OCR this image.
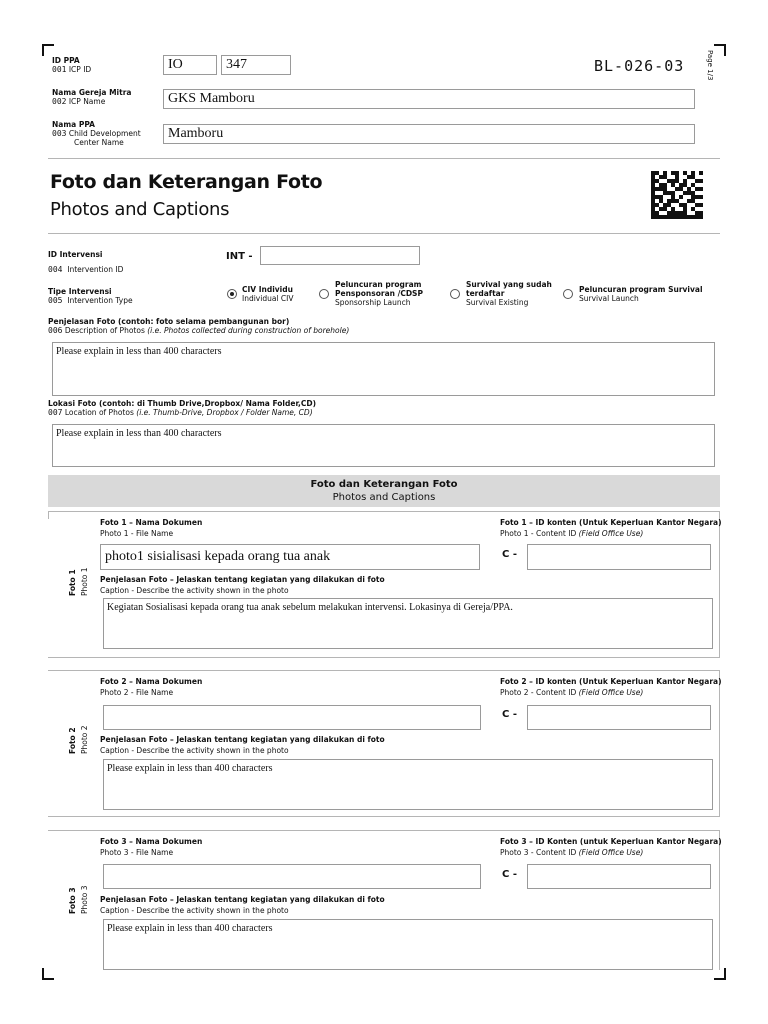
ID PPA
001 ICP ID	IO	347	BL-026-03	Page 1/3
Nama Gereja Mitra
002 ICP Name	GKS Mamboru
Nama PPA
003 Child Development
Center Name
Mamboru
Foto dan Keterangan Foto
Photos and Captions
ID Intervensi
004 Intervention ID
INT -
Tipe Intervensi
005 Intervention Type
CIV Individu
Individual CIV
Peluncuran program
Pensponsoran /CDSP
Sponsorship Launch
Survival yang sudah
terdaftar
Survival Existing
Peluncuran program Survival
Survival Launch
Penjelasan Foto (contoh: foto selama pembangunan bor)
006 Description of Photos (i.e. Photos collected during construction of borehole)
Please explain in less than 400 characters
Lokasi Foto (contoh: di Thumb Drive,Dropbox/ Nama Folder,CD)
007 Location of Photos (i.e. Thumb-Drive, Dropbox / Folder Name, CD)
Please explain in less than 400 characters
Foto dan Keterangan Foto
Photos and Captions
Foto 1 Photo 1
Foto 1 – Nama Dokumen
Photo 1 - File Name
photo1 sisialisasi kepada orang tua anak
Foto 1 – ID konten (Untuk Keperluan Kantor Negara)
Photo 1 - Content ID (Field Office Use)
C -
Penjelasan Foto – Jelaskan tentang kegiatan yang dilakukan di foto
Caption - Describe the activity shown in the photo
Kegiatan Sosialisasi kepada orang tua anak sebelum melakukan intervensi. Lokasinya di Gereja/PPA.
Foto 2 Photo 2
Foto 2 – Nama Dokumen
Photo 2 - File Name
Foto 2 – ID konten (Untuk Keperluan Kantor Negara)
Photo 2 - Content ID (Field Office Use)
C -
Penjelasan Foto – Jelaskan tentang kegiatan yang dilakukan di foto
Caption - Describe the activity shown in the photo
Please explain in less than 400 characters
Foto 3 Photo 3
Foto 3 – Nama Dokumen
Photo 3 - File Name
Foto 3 – ID Konten (untuk Keperluan Kantor Negara)
Photo 3 - Content ID (Field Office Use)
C -
Penjelasan Foto – Jelaskan tentang kegiatan yang dilakukan di foto
Caption - Describe the activity shown in the photo
Please explain in less than 400 characters
